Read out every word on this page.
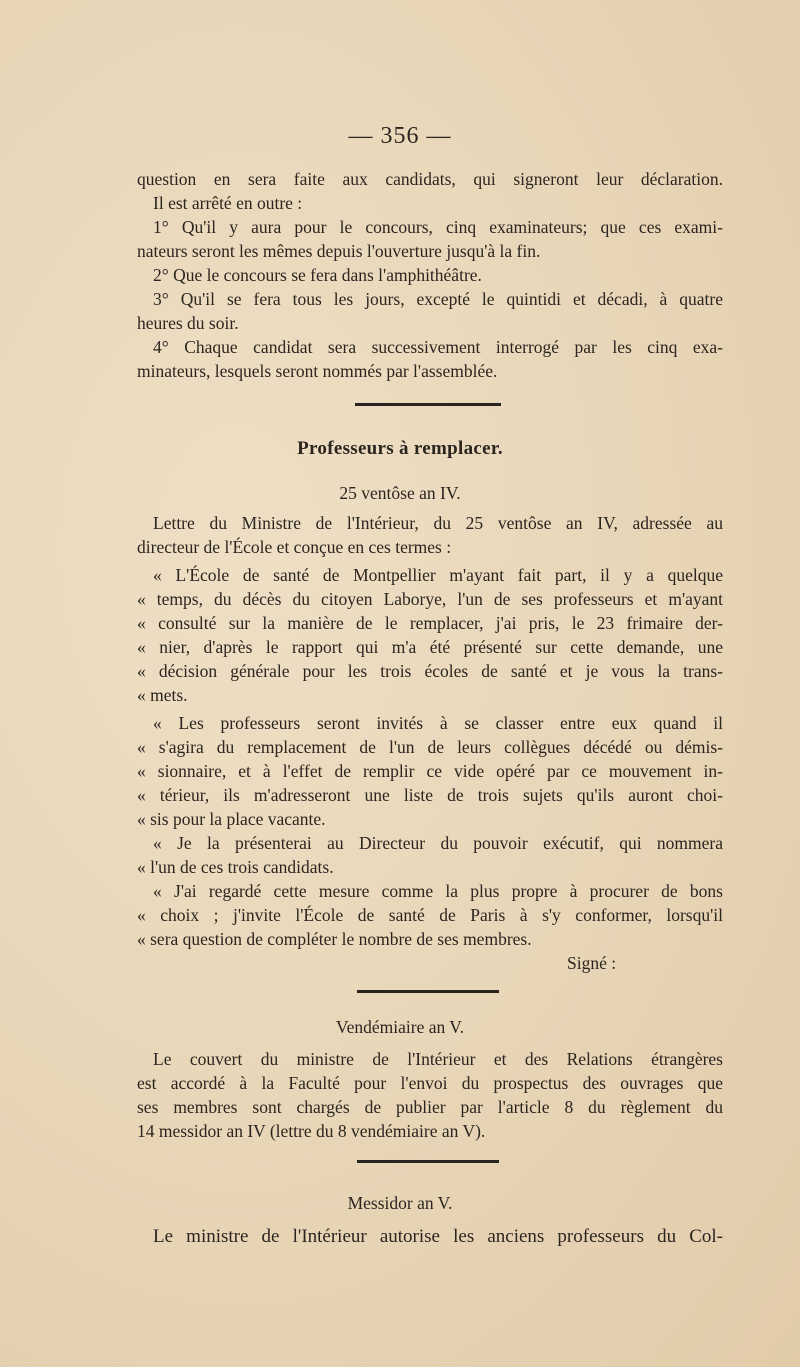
— 356 —
question en sera faite aux candidats, qui signeront leur déclaration.
Il est arrêté en outre :
1° Qu'il y aura pour le concours, cinq examinateurs; que ces exami-
nateurs seront les mêmes depuis l'ouverture jusqu'à la fin.
2° Que le concours se fera dans l'amphithéâtre.
3° Qu'il se fera tous les jours, excepté le quintidi et décadi, à quatre
heures du soir.
4° Chaque candidat sera successivement interrogé par les cinq exa-
minateurs, lesquels seront nommés par l'assemblée.
Professeurs à remplacer.
25 ventôse an IV.
Lettre du Ministre de l'Intérieur, du 25 ventôse an IV, adressée au
directeur de l'École et conçue en ces termes :
« L'École de santé de Montpellier m'ayant fait part, il y a quelque
« temps, du décès du citoyen Laborye, l'un de ses professeurs et m'ayant
« consulté sur la manière de le remplacer, j'ai pris, le 23 frimaire der-
« nier, d'après le rapport qui m'a été présenté sur cette demande, une
« décision générale pour les trois écoles de santé et je vous la trans-
« mets.
« Les professeurs seront invités à se classer entre eux quand il
« s'agira du remplacement de l'un de leurs collègues décédé ou démis-
« sionnaire, et à l'effet de remplir ce vide opéré par ce mouvement in-
« térieur, ils m'adresseront une liste de trois sujets qu'ils auront choi-
« sis pour la place vacante.
« Je la présenterai au Directeur du pouvoir exécutif, qui nommera
« l'un de ces trois candidats.
« J'ai regardé cette mesure comme la plus propre à procurer de bons
« choix ; j'invite l'École de santé de Paris à s'y conformer, lorsqu'il
« sera question de compléter le nombre de ses membres.
Signé :
Vendémiaire an V.
Le couvert du ministre de l'Intérieur et des Relations étrangères
est accordé à la Faculté pour l'envoi du prospectus des ouvrages que
ses membres sont chargés de publier par l'article 8 du règlement du
14 messidor an IV (lettre du 8 vendémiaire an V).
Messidor an V.
Le ministre de l'Intérieur autorise les anciens professeurs du Col-
